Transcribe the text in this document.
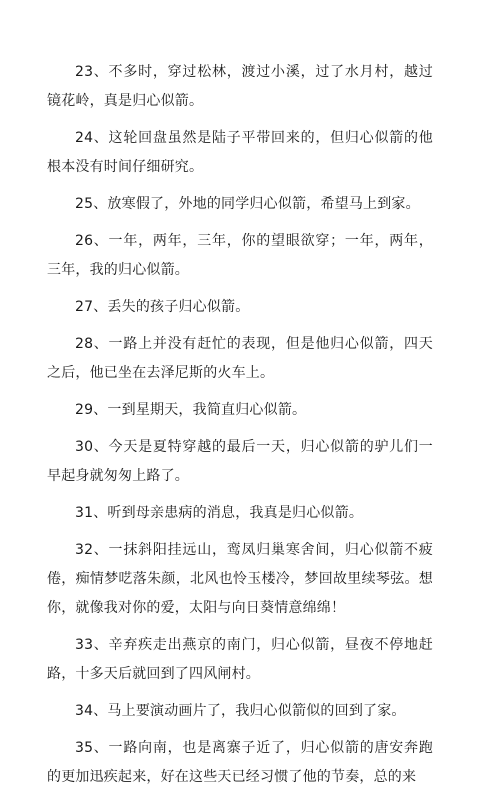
23、不多时，穿过松林，渡过小溪，过了水月村，越过镜花岭，真是归心似箭。

24、这轮回盘虽然是陆子平带回来的，但归心似箭的他根本没有时间仔细研究。

25、放寒假了，外地的同学归心似箭，希望马上到家。

26、一年，两年，三年，你的望眼欲穿；一年，两年，三年，我的归心似箭。

27、丢失的孩子归心似箭。

28、一路上并没有赶忙的表现，但是他归心似箭，四天之后，他已坐在去泽尼斯的火车上。

29、一到星期天，我简直归心似箭。

30、今天是夏特穿越的最后一天，归心似箭的驴儿们一早起身就匆匆上路了。

31、听到母亲患病的消息，我真是归心似箭。

32、一抹斜阳挂远山，鸾凤归巢寒舍间，归心似箭不疲倦，痴情梦呓落朱颜，北风也怜玉楼冷，梦回故里续琴弦。想你，就像我对你的爱，太阳与向日葵情意绵绵！

33、辛弃疾走出燕京的南门，归心似箭，昼夜不停地赶路，十多天后就回到了四风闸村。

34、马上要演动画片了，我归心似箭似的回到了家。

35、一路向南，也是离寨子近了，归心似箭的唐安奔跑的更加迅疾起来，好在这些天已经习惯了他的节奏，总的来
